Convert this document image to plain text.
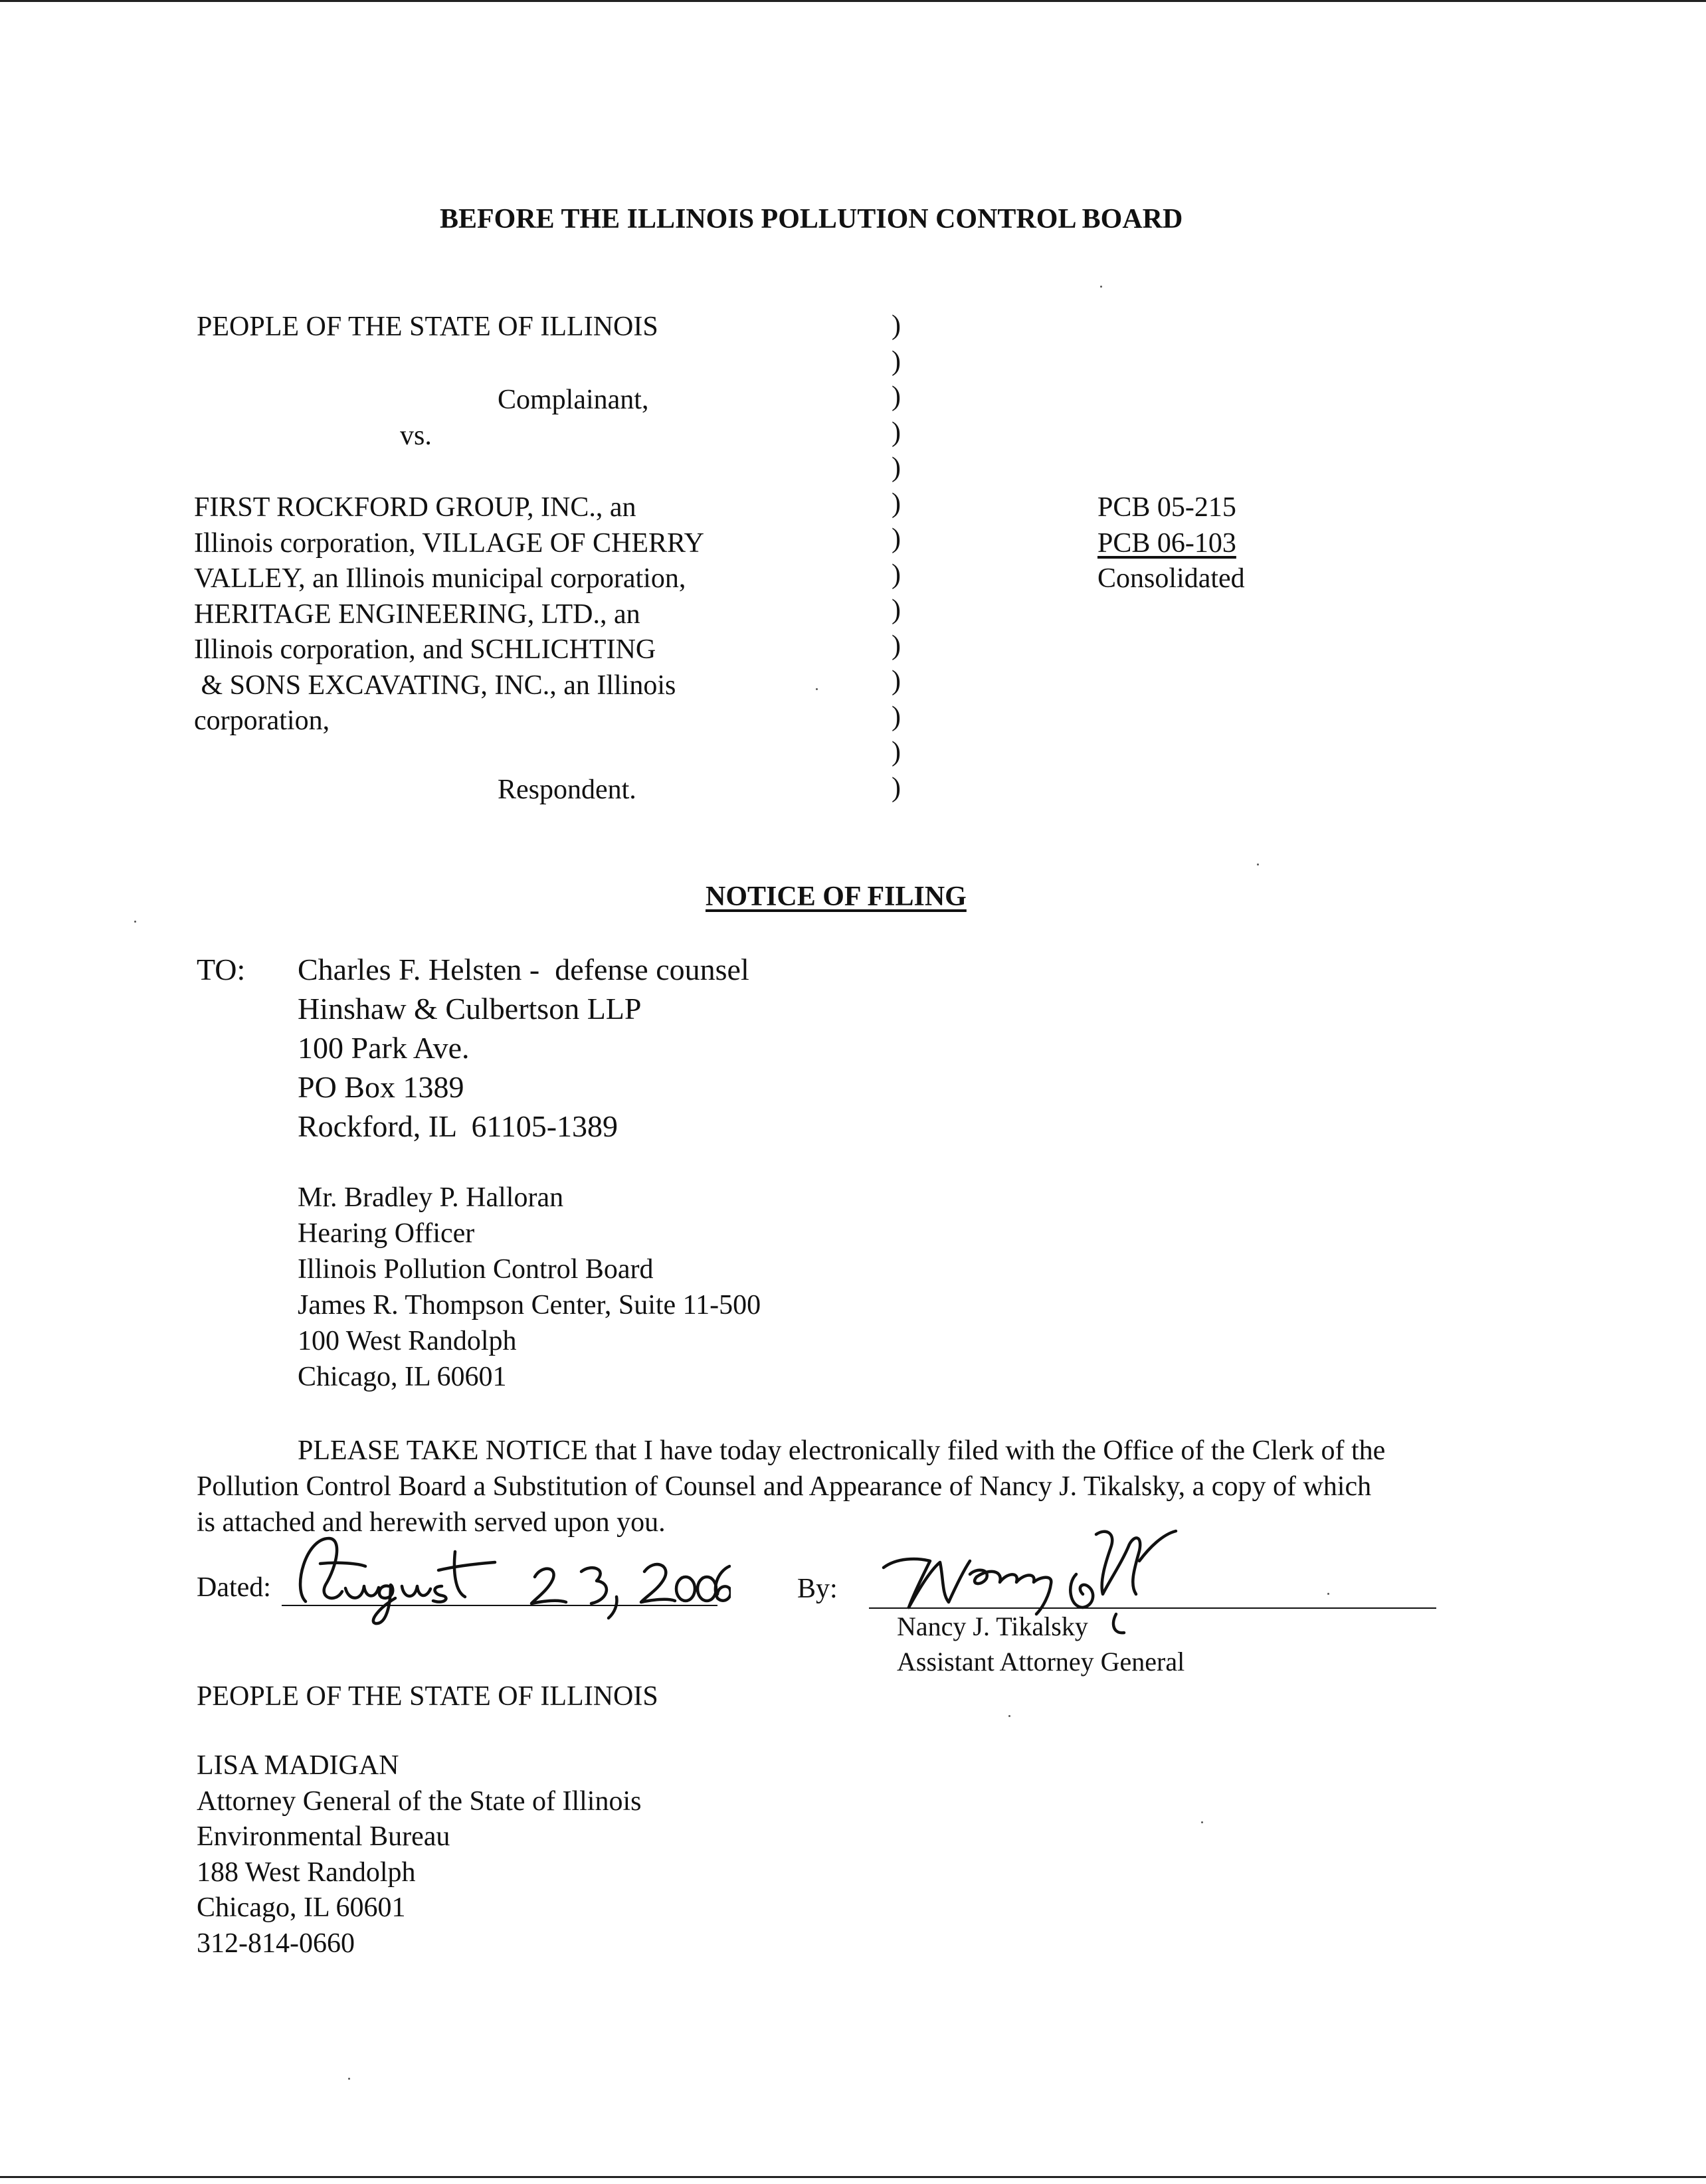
BEFORE THE ILLINOIS POLLUTION CONTROL BOARD
PEOPLE OF THE STATE OF ILLINOIS
Complainant,
vs.
FIRST ROCKFORD GROUP, INC., an
Illinois corporation, VILLAGE OF CHERRY
VALLEY, an Illinois municipal corporation,
HERITAGE ENGINEERING, LTD., an
Illinois corporation, and SCHLICHTING
& SONS EXCAVATING, INC., an Illinois
corporation,
Respondent.
)
)
)
)
)
)
)
)
)
)
)
)
)
)
PCB 05-215
PCB 06-103
Consolidated
NOTICE OF FILING
TO: Charles F. Helsten -  defense counsel
Hinshaw & Culbertson LLP
100 Park Ave.
PO Box 1389
Rockford, IL  61105-1389
Mr. Bradley P. Halloran
Hearing Officer
Illinois Pollution Control Board
James R. Thompson Center, Suite 11-500
100 West Randolph
Chicago, IL 60601
PLEASE TAKE NOTICE that I have today electronically filed with the Office of the Clerk of the
Pollution Control Board a Substitution of Counsel and Appearance of Nancy J. Tikalsky, a copy of which
is attached and herewith served upon you.
Dated:	By:
Nancy J. Tikalsky
Assistant Attorney General
PEOPLE OF THE STATE OF ILLINOIS
LISA MADIGAN
Attorney General of the State of Illinois
Environmental Bureau
188 West Randolph
Chicago, IL 60601
312-814-0660
